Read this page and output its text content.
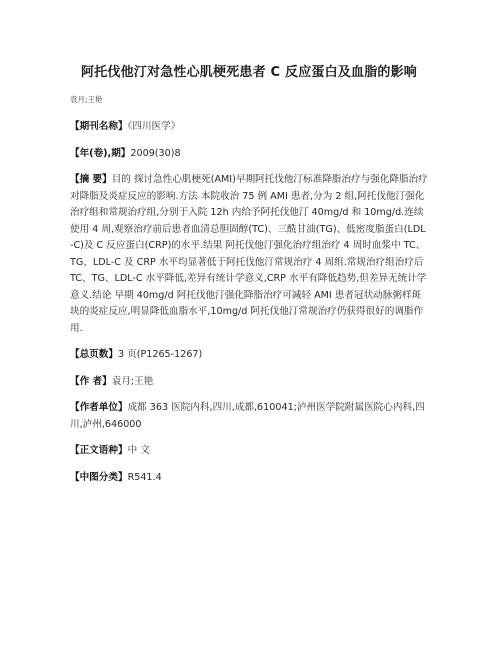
阿托伐他汀对急性心肌梗死患者 C 反应蛋白及血脂的影响
袁月;王艳
【期刊名称】《四川医学》
【年(卷),期】2009(30)8
【摘 要】目的 探讨急性心肌梗死(AMI)早期阿托伐他汀标准降脂治疗与强化降脂治疗对降脂及炎症反应的影响.方法 本院收治 75 例 AMI 患者,分为 2 组,阿托伐他汀强化治疗组和常规治疗组,分别于入院 12h 内给予阿托伐他汀 40mg/d 和 10mg/d.连续使用 4 周,观察治疗前后患者血清总胆固醇(TC)、三酰甘油(TG)、低密度脂蛋白(LDL-C)及 C 反应蛋白(CRP)的水平.结果 阿托伐他汀强化治疗组治疗 4 周时血浆中 TC、TG、LDL-C 及 CRP 水平均显著低于阿托伐他汀常规治疗 4 周组.常规治疗组治疗后 TC、TG、LDL-C 水平降低,差异有统计学意义,CRP 水平有降低趋势,但差异无统计学意义.结论 早期 40mg/d 阿托伐他汀强化降脂治疗可减轻 AMI 患者冠状动脉粥样斑块的炎症反应,明显降低血脂水平,10mg/d 阿托伐他汀常规治疗仍获得很好的调脂作用.
【总页数】3 页(P1265-1267)
【作 者】袁月;王艳
【作者单位】成都 363 医院内科,四川,成都,610041;泸州医学院附属医院心内科,四川,泸州,646000
【正文语种】中 文
【中图分类】R541.4
